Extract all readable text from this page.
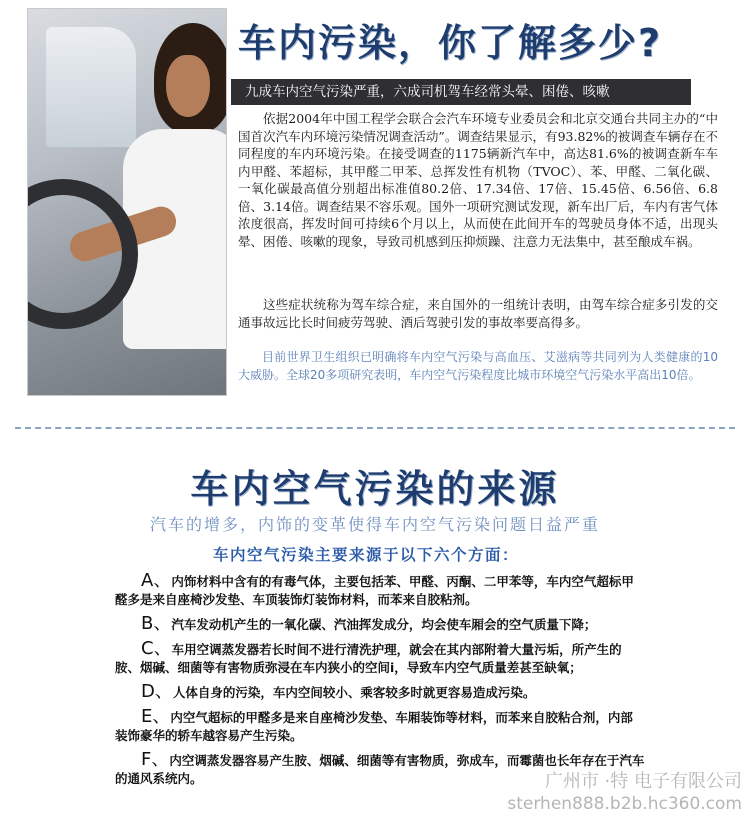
车内污染，你了解多少?
九成车内空气污染严重，六成司机驾车经常头晕、困倦、咳嗽

依据2004年中国工程学会联合会汽车环境专业委员会和北京交通台共同主办的“中国首次汽车内环境污染情况调查活动”。调查结果显示，有93.82%的被调查车辆存在不同程度的车内环境污染。在接受调查的1175辆新汽车中，高达81.6%的被调查新车车内甲醛、苯超标，其甲醛二甲苯、总挥发性有机物（TVOC）、苯、甲醛、二氧化碳、一氧化碳最高值分别超出标准值80.2倍、17.34倍、17倍、15.45倍、6.56倍、6.8倍、3.14倍。调查结果不容乐观。国外一项研究测试发现，新车出厂后，车内有害气体浓度很高，挥发时间可持续6个月以上，从而使在此间开车的驾驶员身体不适，出现头晕、困倦、咳嗽的现象，导致司机感到压抑烦躁、注意力无法集中，甚至酿成车祸。

这些症状统称为驾车综合症，来自国外的一组统计表明，由驾车综合症多引发的交通事故远比长时间疲劳驾驶、酒后驾驶引发的事故率要高得多。

目前世界卫生组织已明确将车内空气污染与高血压、艾滋病等共同列为人类健康的10大威胁。全球20多项研究表明，车内空气污染程度比城市环境空气污染水平高出10倍。

车内空气污染的来源
汽车的增多，内饰的变革使得车内空气污染问题日益严重
车内空气污染主要来源于以下六个方面：

A、内饰材料中含有的有毒气体，主要包括苯、甲醛、丙酮、二甲苯等，车内空气超标甲醛多是来自座椅沙发垫、车顶装饰灯装饰材料，而苯来自胶粘剂。

B、汽车发动机产生的一氧化碳、汽油挥发成分，均会使车厢会的空气质量下降；

C、车用空调蒸发器若长时间不进行清洗护理，就会在其内部附着大量污垢，所产生的胺、烟碱、细菌等有害物质弥浸在车内狭小的空间i，导致车内空气质量差甚至缺氧；

D、人体自身的污染，车内空间较小、乘客较多时就更容易造成污染。

E、内空气超标的甲醛多是来自座椅沙发垫、车厢装饰等材料，而苯来自胶粘合剂，内部装饰豪华的轿车越容易产生污染。

F、内空调蒸发器容易产生胺、烟碱、细菌等有害物质，弥成车，而霉菌也长年存在于汽车的通风系统内。	广州市 ·特 电子有限公司
sterhen888.b2b.hc360.com
